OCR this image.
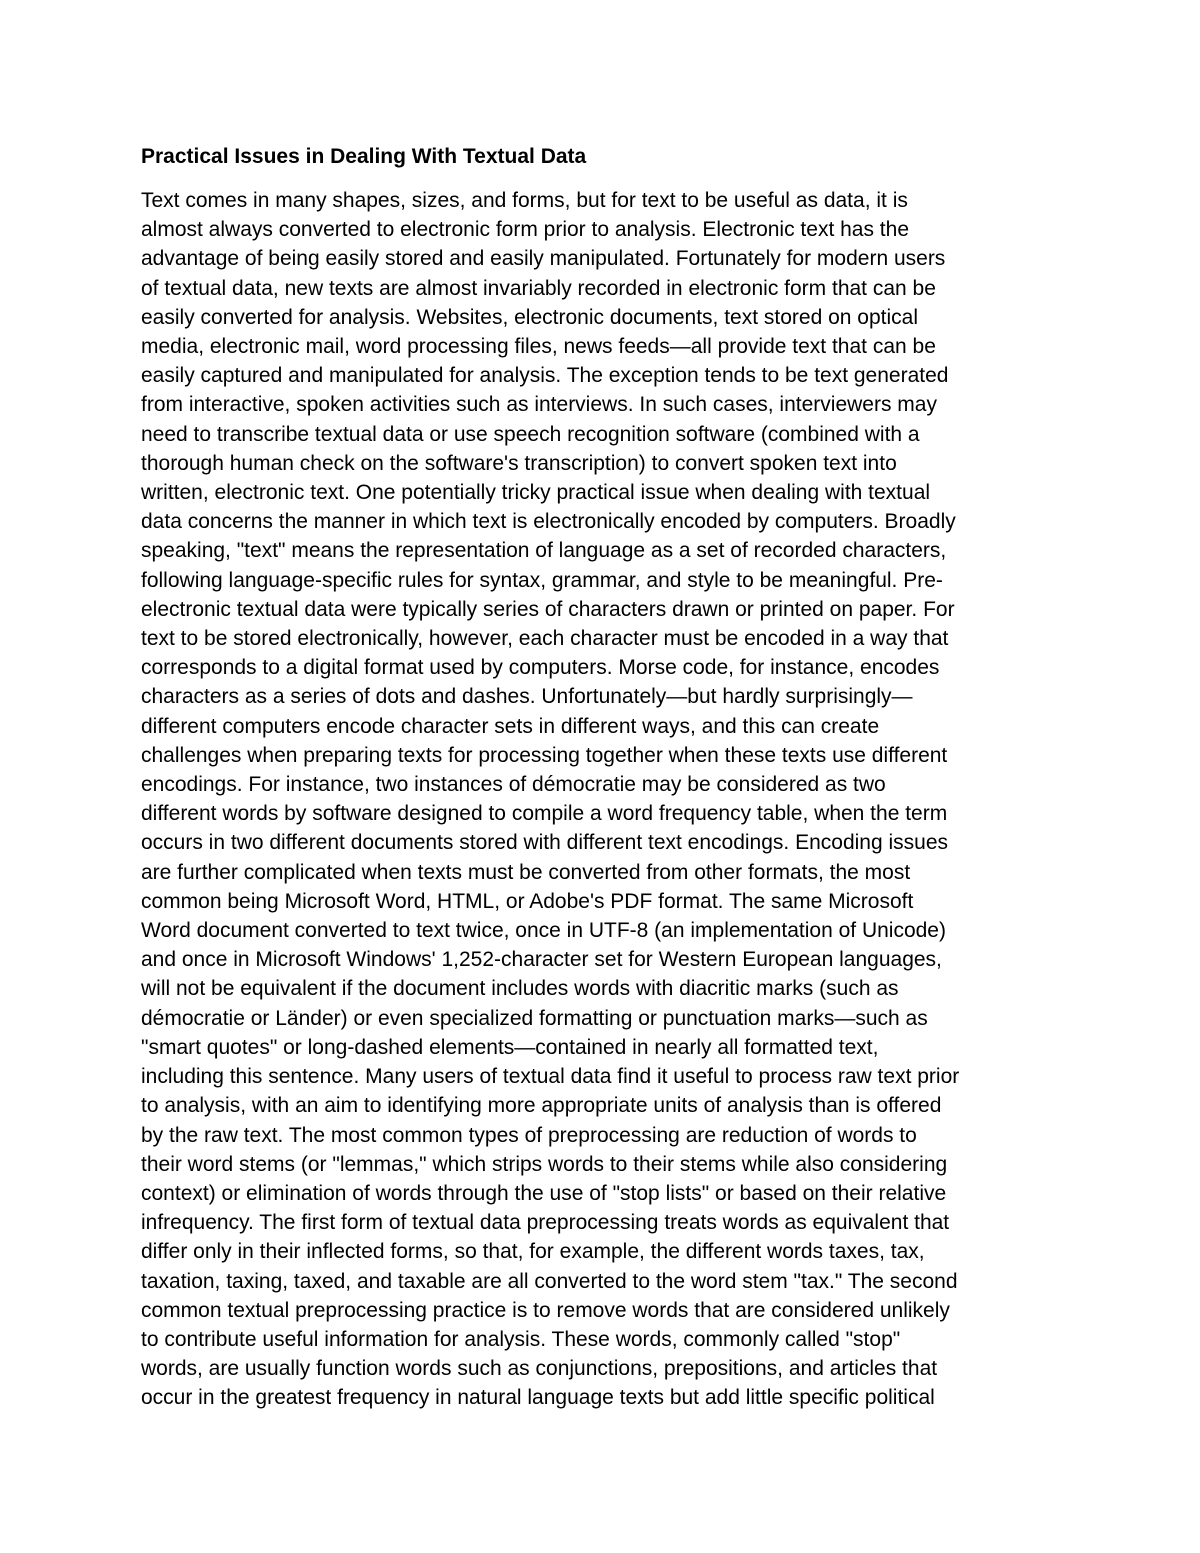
Practical Issues in Dealing With Textual Data
Text comes in many shapes, sizes, and forms, but for text to be useful as data, it is
almost always converted to electronic form prior to analysis. Electronic text has the
advantage of being easily stored and easily manipulated. Fortunately for modern users
of textual data, new texts are almost invariably recorded in electronic form that can be
easily converted for analysis. Websites, electronic documents, text stored on optical
media, electronic mail, word processing files, news feeds—all provide text that can be
easily captured and manipulated for analysis. The exception tends to be text generated
from interactive, spoken activities such as interviews. In such cases, interviewers may
need to transcribe textual data or use speech recognition software (combined with a
thorough human check on the software's transcription) to convert spoken text into
written, electronic text. One potentially tricky practical issue when dealing with textual
data concerns the manner in which text is electronically encoded by computers. Broadly
speaking, "text" means the representation of language as a set of recorded characters,
following language-specific rules for syntax, grammar, and style to be meaningful. Pre-
electronic textual data were typically series of characters drawn or printed on paper. For
text to be stored electronically, however, each character must be encoded in a way that
corresponds to a digital format used by computers. Morse code, for instance, encodes
characters as a series of dots and dashes. Unfortunately—but hardly surprisingly—
different computers encode character sets in different ways, and this can create
challenges when preparing texts for processing together when these texts use different
encodings. For instance, two instances of démocratie may be considered as two
different words by software designed to compile a word frequency table, when the term
occurs in two different documents stored with different text encodings. Encoding issues
are further complicated when texts must be converted from other formats, the most
common being Microsoft Word, HTML, or Adobe's PDF format. The same Microsoft
Word document converted to text twice, once in UTF-8 (an implementation of Unicode)
and once in Microsoft Windows' 1,252-character set for Western European languages,
will not be equivalent if the document includes words with diacritic marks (such as
démocratie or Länder) or even specialized formatting or punctuation marks—such as
"smart quotes" or long-dashed elements—contained in nearly all formatted text,
including this sentence. Many users of textual data find it useful to process raw text prior
to analysis, with an aim to identifying more appropriate units of analysis than is offered
by the raw text. The most common types of preprocessing are reduction of words to
their word stems (or "lemmas," which strips words to their stems while also considering
context) or elimination of words through the use of "stop lists" or based on their relative
infrequency. The first form of textual data preprocessing treats words as equivalent that
differ only in their inflected forms, so that, for example, the different words taxes, tax,
taxation, taxing, taxed, and taxable are all converted to the word stem "tax." The second
common textual preprocessing practice is to remove words that are considered unlikely
to contribute useful information for analysis. These words, commonly called "stop"
words, are usually function words such as conjunctions, prepositions, and articles that
occur in the greatest frequency in natural language texts but add little specific political
